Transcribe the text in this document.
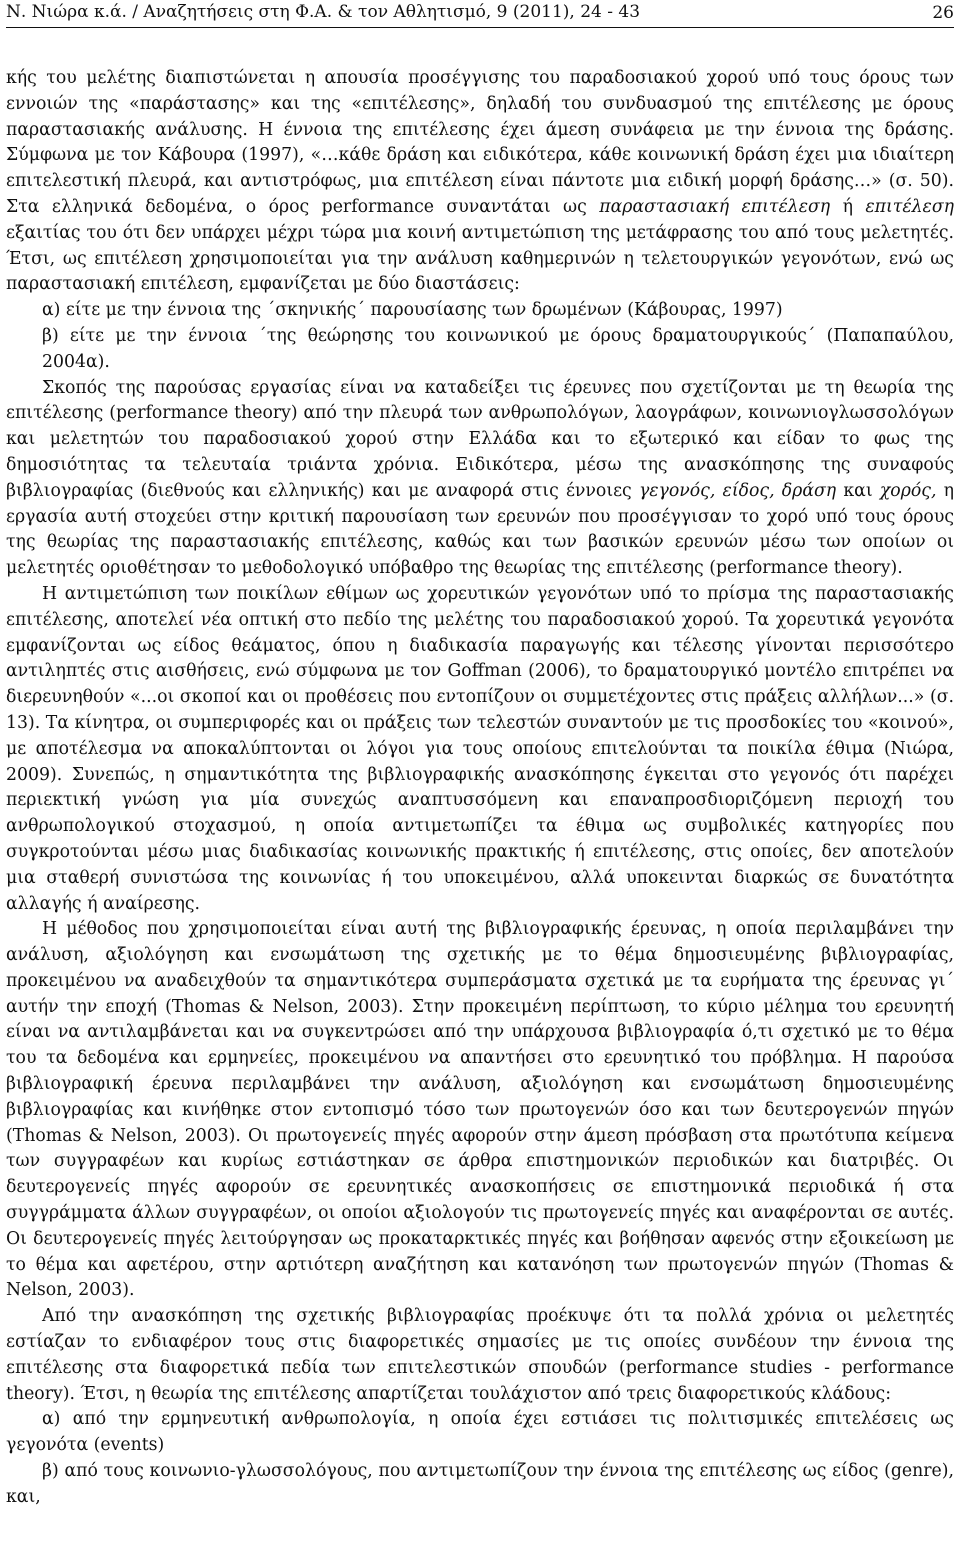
Ν. Νιώρα κ.ά. / Αναζητήσεις στη Φ.Α. & τον Αθλητισμό, 9 (2011), 24 - 43	26

κής του μελέτης διαπιστώνεται η απουσία προσέγγισης του παραδοσιακού χορού υπό τους όρους των εννοιών της «παράστασης» και της «επιτέλεσης», δηλαδή του συνδυασμού της επιτέλεσης με όρους παραστασιακής ανάλυσης. Η έννοια της επιτέλεσης έχει άμεση συνάφεια με την έννοια της δράσης. Σύμφωνα με τον Κάβουρα (1997), «…κάθε δράση και ειδικότερα, κάθε κοινωνική δράση έχει μια ιδιαίτερη επιτελεστική πλευρά, και αντιστρόφως, μια επιτέλεση είναι πάντοτε μια ειδική μορφή δράσης…» (σ. 50). Στα ελληνικά δεδομένα, ο όρος performance συναντάται ως παραστασιακή επιτέλεση ή επιτέλεση εξαιτίας του ότι δεν υπάρχει μέχρι τώρα μια κοινή αντιμετώπιση της μετάφρασης του από τους μελετητές. Έτσι, ως επιτέλεση χρησιμοποιείται για την ανάλυση καθημερινών η τελετουργικών γεγονότων, ενώ ως παραστασιακή επιτέλεση, εμφανίζεται με δύο διαστάσεις:

α) είτε με την έννοια της ΄σκηνικής΄ παρουσίασης των δρωμένων (Κάβουρας, 1997)

β) είτε με την έννοια ΄της θεώρησης του κοινωνικού με όρους δραματουργικούς΄ (Παπαπαύλου, 2004α).

Σκοπός της παρούσας εργασίας είναι να καταδείξει τις έρευνες που σχετίζονται με τη θεωρία της επιτέλεσης (performance theory) από την πλευρά των ανθρωπολόγων, λαογράφων, κοινωνιογλωσσολόγων και μελετητών του παραδοσιακού χορού στην Ελλάδα και το εξωτερικό και είδαν το φως της δημοσιότητας τα τελευταία τριάντα χρόνια. Ειδικότερα, μέσω της ανασκόπησης της συναφούς βιβλιογραφίας (διεθνούς και ελληνικής) και με αναφορά στις έννοιες γεγονός, είδος, δράση και χορός, η εργασία αυτή στοχεύει στην κριτική παρουσίαση των ερευνών που προσέγγισαν το χορό υπό τους όρους της θεωρίας της παραστασιακής επιτέλεσης, καθώς και των βασικών ερευνών μέσω των οποίων οι μελετητές οριοθέτησαν το μεθοδολογικό υπόβαθρο της θεωρίας της επιτέλεσης (performance theory).

Η αντιμετώπιση των ποικίλων εθίμων ως χορευτικών γεγονότων υπό το πρίσμα της παραστασιακής επιτέλεσης, αποτελεί νέα οπτική στο πεδίο της μελέτης του παραδοσιακού χορού. Τα χορευτικά γεγονότα εμφανίζονται ως είδος θεάματος, όπου η διαδικασία παραγωγής και τέλεσης γίνονται περισσότερο αντιληπτές στις αισθήσεις, ενώ σύμφωνα με τον Goffman (2006), το δραματουργικό μοντέλο επιτρέπει να διερευνηθούν «...οι σκοποί και οι προθέσεις που εντοπίζουν οι συμμετέχοντες στις πράξεις αλλήλων...» (σ. 13). Τα κίνητρα, οι συμπεριφορές και οι πράξεις των τελεστών συναντούν με τις προσδοκίες του «κοινού», με αποτέλεσμα να αποκαλύπτονται οι λόγοι για τους οποίους επιτελούνται τα ποικίλα έθιμα (Νιώρα, 2009). Συνεπώς, η σημαντικότητα της βιβλιογραφικής ανασκόπησης έγκειται στο γεγονός ότι παρέχει περιεκτική γνώση για μία συνεχώς αναπτυσσόμενη και επαναπροσδιοριζόμενη περιοχή του ανθρωπολογικού στοχασμού, η οποία αντιμετωπίζει τα έθιμα ως συμβολικές κατηγορίες που συγκροτούνται μέσω μιας διαδικασίας κοινωνικής πρακτικής ή επιτέλεσης, στις οποίες, δεν αποτελούν μια σταθερή συνιστώσα της κοινωνίας ή του υποκειμένου, αλλά υποκεινται διαρκώς σε δυνατότητα αλλαγής ή αναίρεσης.

Η μέθοδος που χρησιμοποιείται είναι αυτή της βιβλιογραφικής έρευνας, η οποία περιλαμβάνει την ανάλυση, αξιολόγηση και ενσωμάτωση της σχετικής με το θέμα δημοσιευμένης βιβλιογραφίας, προκειμένου να αναδειχθούν τα σημαντικότερα συμπεράσματα σχετικά με τα ευρήματα της έρευνας γι΄ αυτήν την εποχή (Thomas & Nelson, 2003). Στην προκειμένη περίπτωση, το κύριο μέλημα του ερευνητή είναι να αντιλαμβάνεται και να συγκεντρώσει από την υπάρχουσα βιβλιογραφία ό,τι σχετικό με το θέμα του τα δεδομένα και ερμηνείες, προκειμένου να απαντήσει στο ερευνητικό του πρόβλημα. Η παρούσα βιβλιογραφική έρευνα περιλαμβάνει την ανάλυση, αξιολόγηση και ενσωμάτωση δημοσιευμένης βιβλιογραφίας και κινήθηκε στον εντοπισμό τόσο των πρωτογενών όσο και των δευτερογενών πηγών (Thomas & Nelson, 2003). Οι πρωτογενείς πηγές αφορούν στην άμεση πρόσβαση στα πρωτότυπα κείμενα των συγγραφέων και κυρίως εστιάστηκαν σε άρθρα επιστημονικών περιοδικών και διατριβές. Οι δευτερογενείς πηγές αφορούν σε ερευνητικές ανασκοπήσεις σε επιστημονικά περιοδικά ή στα συγγράμματα άλλων συγγραφέων, οι οποίοι αξιολογούν τις πρωτογενείς πηγές και αναφέρονται σε αυτές. Οι δευτερογενείς πηγές λειτούργησαν ως προκαταρκτικές πηγές και βοήθησαν αφενός στην εξοικείωση με το θέμα και αφετέρου, στην αρτιότερη αναζήτηση και κατανόηση των πρωτογενών πηγών (Thomas & Nelson, 2003).

Από την ανασκόπηση της σχετικής βιβλιογραφίας προέκυψε ότι τα πολλά χρόνια οι μελετητές εστίαζαν το ενδιαφέρον τους στις διαφορετικές σημασίες με τις οποίες συνδέουν την έννοια της επιτέλεσης στα διαφορετικά πεδία των επιτελεστικών σπουδών (performance studies - performance theory). Έτσι, η θεωρία της επιτέλεσης απαρτίζεται τουλάχιστον από τρεις διαφορετικούς κλάδους:

α) από την ερμηνευτική ανθρωπολογία, η οποία έχει εστιάσει τις πολιτισμικές επιτελέσεις ως γεγονότα (events)

β) από τους κοινωνιο-γλωσσολόγους, που αντιμετωπίζουν την έννοια της επιτέλεσης ως είδος (genre), και,
